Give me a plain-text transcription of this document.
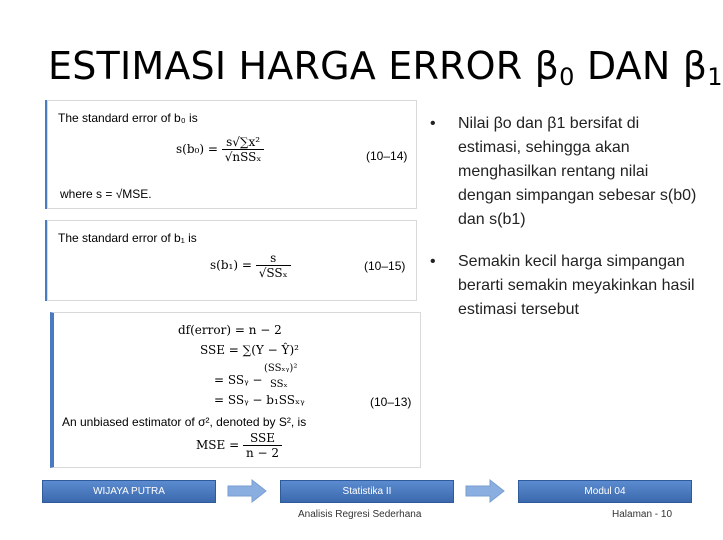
ESTIMASI HARGA ERROR $\beta_0$ DAN $\beta_1$
The standard error of b₀ is
$s(b_0) = \frac{\text{s√∑x²}}{\text{√nSSₓ}}$	(10–14)
where s = √MSE.
The standard error of b₁ is
$s(b_1) = \frac{s}{\text{√SSₓ}}$	(10–15)
df(error) = n − 2
SSE = ∑(Y − Ŷ)²
(SSₓᵧ)²
= SSᵧ − SSₓ
= SSᵧ − b₁SSₓᵧ	(10–13)
An unbiased estimator of σ², denoted by S², is
MSE = $\frac{\text{SSE}}{n - 2}$
• Nilai βo dan β1 bersifat di estimasi, sehingga akan menghasilkan rentang nilai dengan simpangan sebesar s(b0) dan s(b1)
• Semakin kecil harga simpangan berarti semakin meyakinkan hasil estimasi tersebut
WIJAYA PUTRA	Statistika II	Modul 04
Analisis Regresi Sederhana	Halaman - 10
